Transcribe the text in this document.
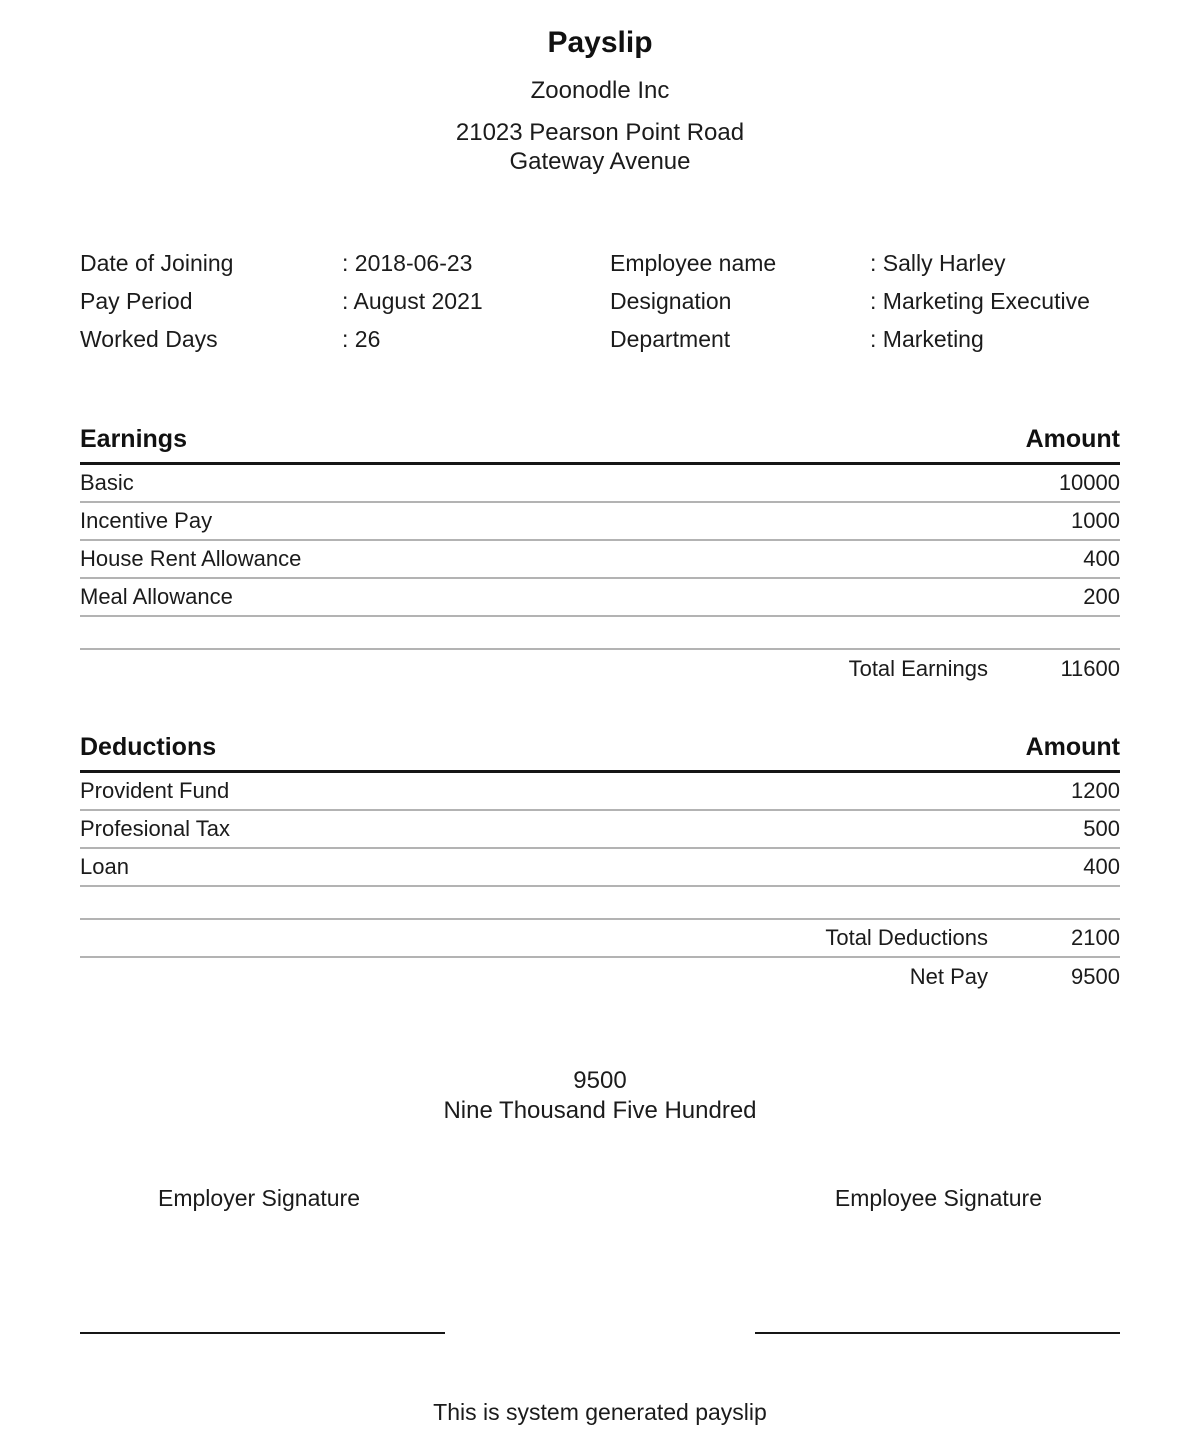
Payslip
Zoonodle Inc
21023 Pearson Point Road
Gateway Avenue
Date of Joining	: 2018-06-23	Employee name	: Sally Harley
Pay Period	: August 2021	Designation	: Marketing Executive
Worked Days	: 26	Department	: Marketing
Earnings	Amount
Basic	10000
Incentive Pay	1000
House Rent Allowance	400
Meal Allowance	200
Total Earnings	11600
Deductions	Amount
Provident Fund	1200
Profesional Tax	500
Loan	400
Total Deductions	2100
Net Pay	9500
9500
Nine Thousand Five Hundred
Employer Signature	Employee Signature
This is system generated payslip
